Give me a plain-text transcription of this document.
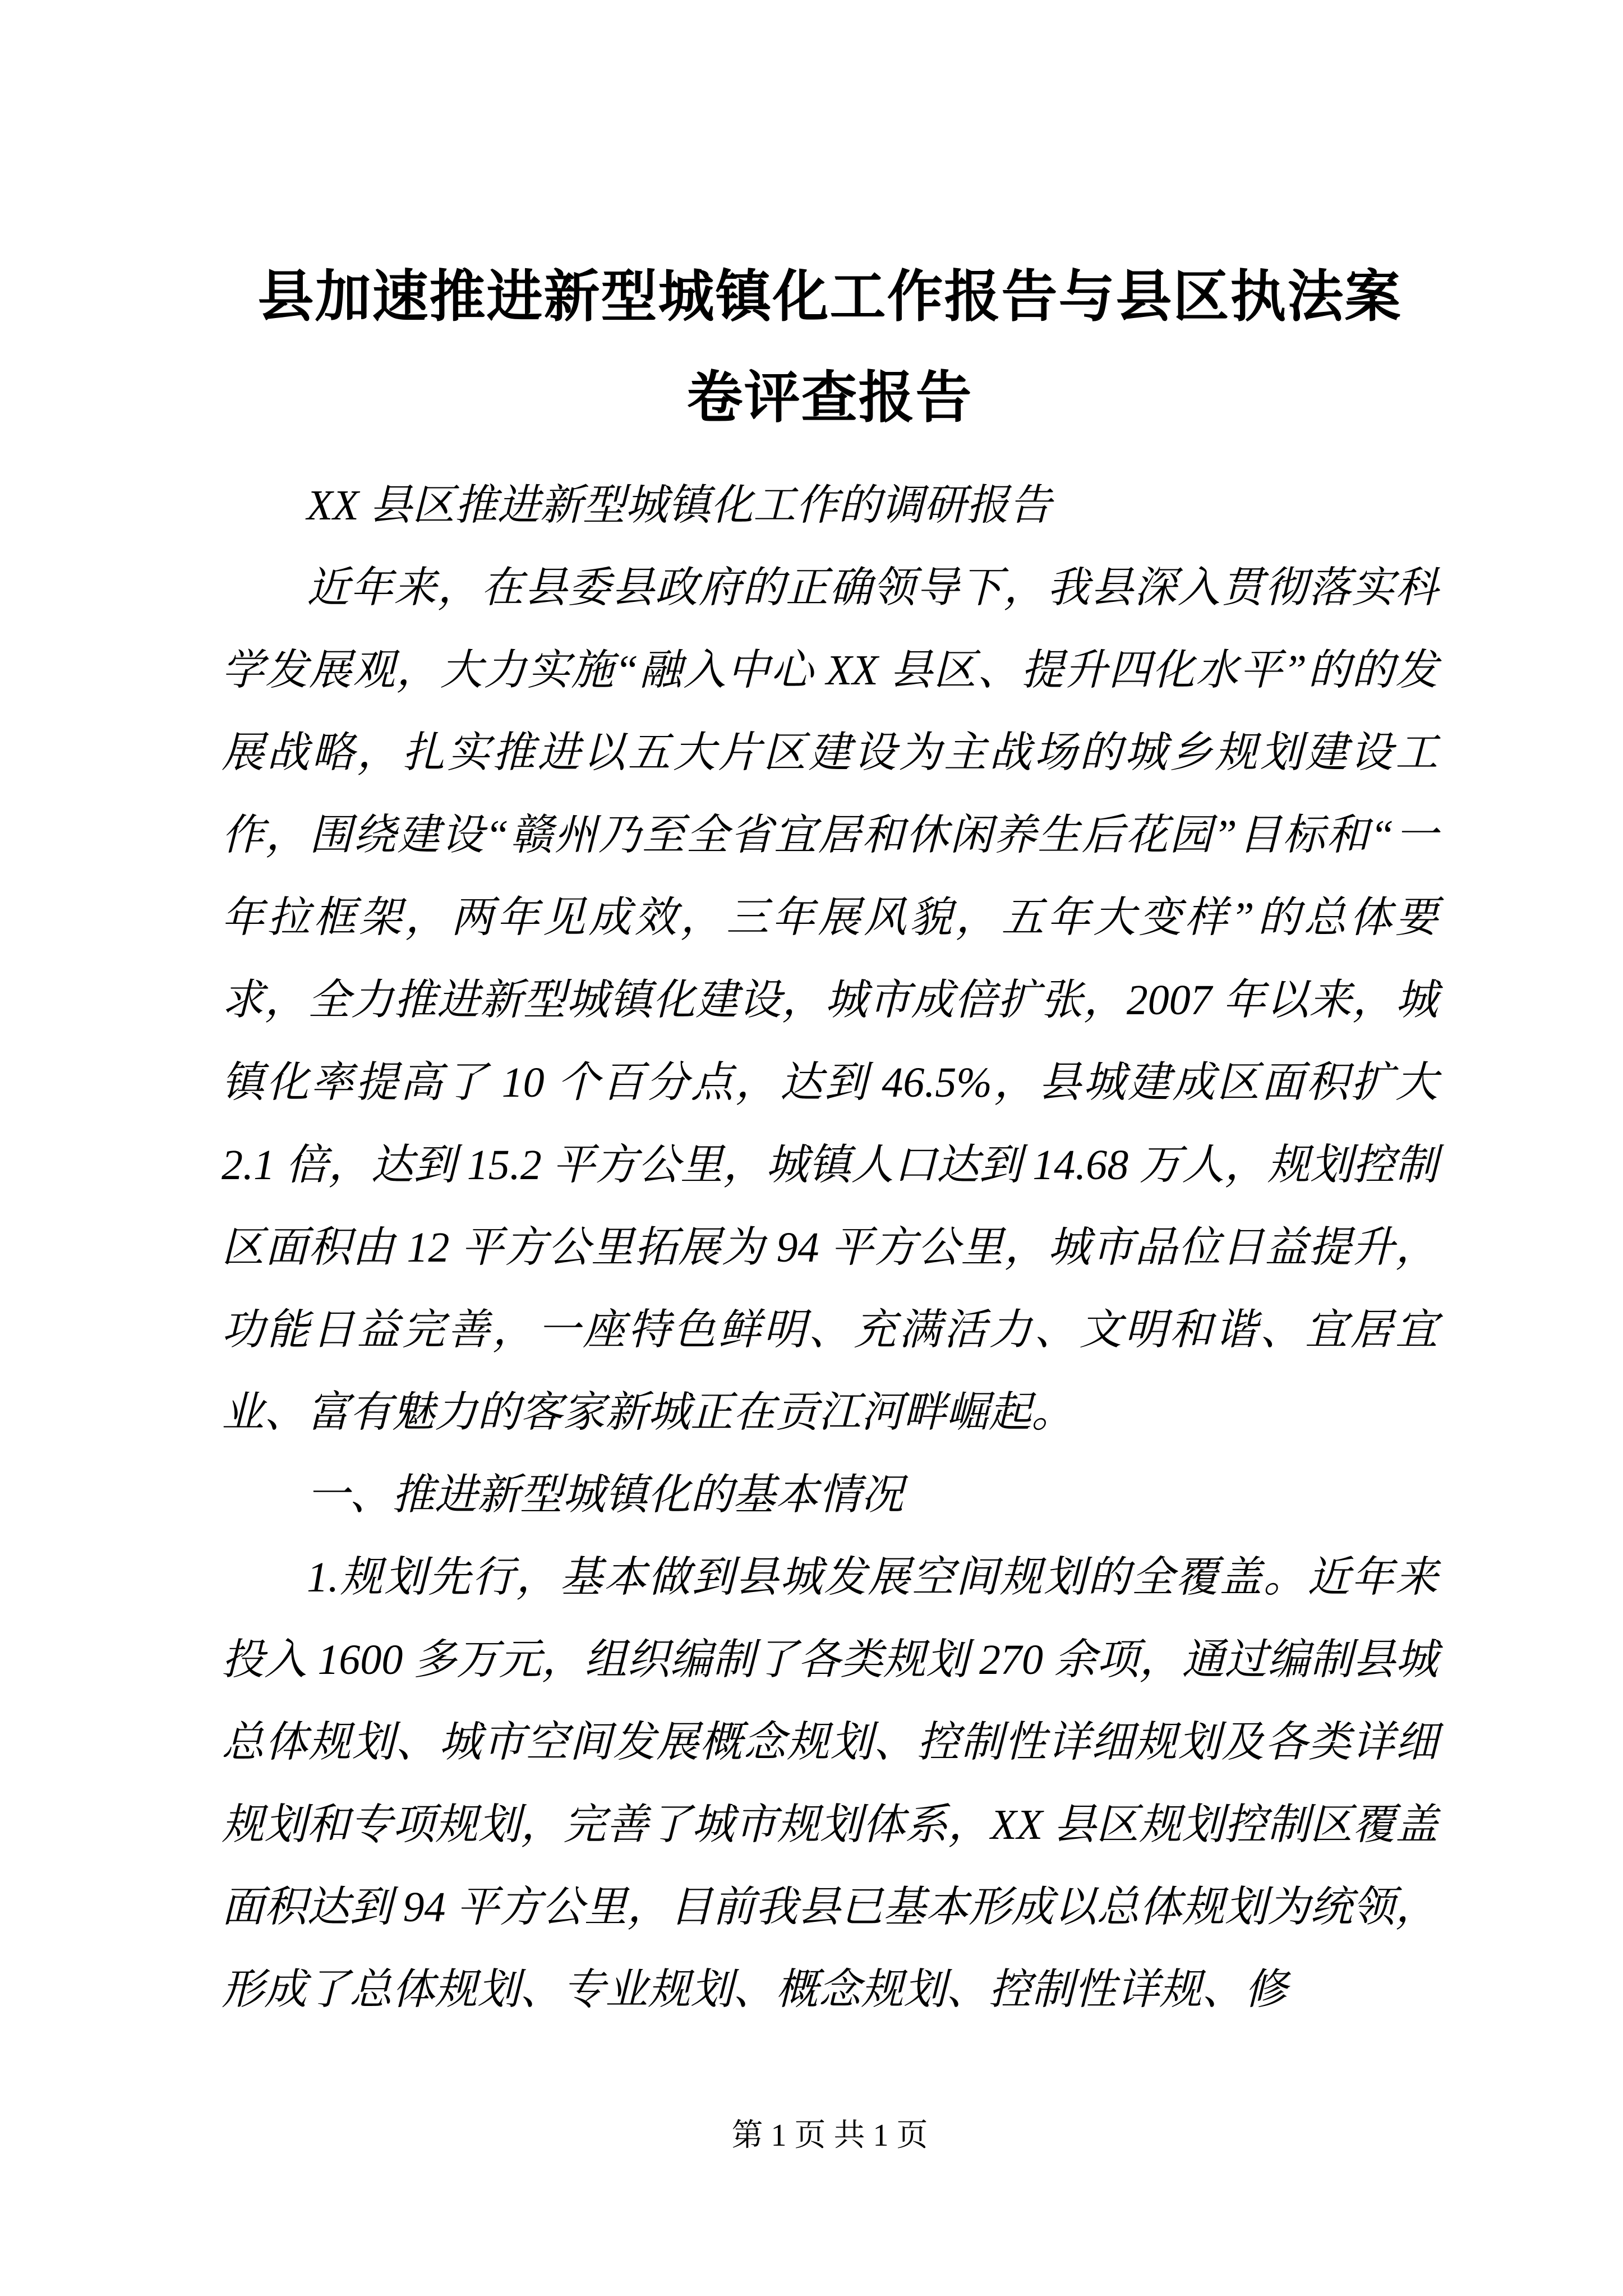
县加速推进新型城镇化工作报告与县区执法案
卷评查报告

XX 县区推进新型城镇化工作的调研报告

近年来，在县委县政府的正确领导下，我县深入贯彻落实科学发展观，大力实施“融入中心 XX 县区、提升四化水平”的的发展战略，扎实推进以五大片区建设为主战场的城乡规划建设工作，围绕建设“赣州乃至全省宜居和休闲养生后花园”目标和“一年拉框架，两年见成效，三年展风貌，五年大变样”的总体要求，全力推进新型城镇化建设，城市成倍扩张，2007 年以来，城镇化率提高了 10 个百分点，达到 46.5%，县城建成区面积扩大 2.1 倍，达到 15.2 平方公里，城镇人口达到 14.68 万人，规划控制区面积由 12 平方公里拓展为 94 平方公里，城市品位日益提升，功能日益完善，一座特色鲜明、充满活力、文明和谐、宜居宜业、富有魅力的客家新城正在贡江河畔崛起。

一、推进新型城镇化的基本情况

1.规划先行，基本做到县城发展空间规划的全覆盖。近年来投入 1600 多万元，组织编制了各类规划 270 余项，通过编制县城总体规划、城市空间发展概念规划、控制性详细规划及各类详细规划和专项规划，完善了城市规划体系，XX 县区规划控制区覆盖面积达到 94 平方公里，目前我县已基本形成以总体规划为统领，形成了总体规划、专业规划、概念规划、控制性详规、修

第 1 页 共 1 页
